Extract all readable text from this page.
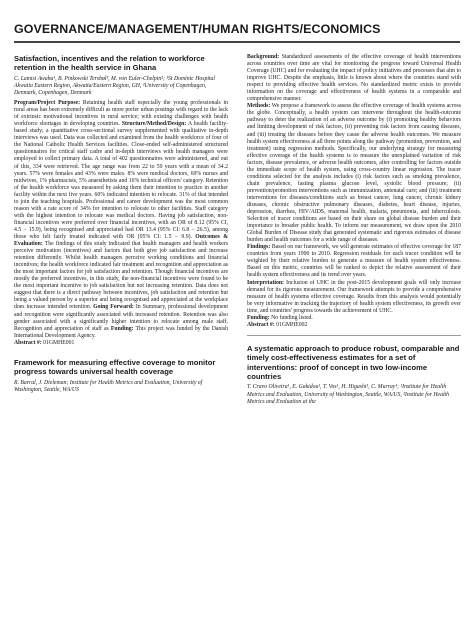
GOVERNANCE/MANAGEMENT/HUMAN RIGHTS/ECONOMICS
Satisfaction, incentives and the relation to workforce retention in the health service in Ghana
C. Lamisi Awaba¹, B. Pinkowski Tersbøl², M. von Euler-Chelpin²; ¹St Dominic Hospital Akwatia Eastern Region, Akwatia/Eastern Region, GH, ²University of Copenhagen, Denmark, Copenhagen, Denmark

Program/Project Purpose: Retaining health staff especially the young professionals in rural areas has been extremely difficult as more prefer urban postings with regard to the lack of extrinsic motivational incentives in rural service; with existing challenges with health workforce shortages in developing countries. Structure/Method/Design: A health facility-based study; a quantitative cross-sectional survey supplemented with qualitative in-depth interviews was used. Data was collected and examined from the health workforce of four of the National Catholic Health Services facilities. Close-ended self-administered structured questionnaires for critical staff cadre and in-depth interviews with health managers were employed to collect primary data. A total of 402 questionnaires were administered, and out of this, 334 were retrieved. The age range was from 22 to 59 years with a mean of 34.2 years. 57% were females and 43% were males. 8% were medical doctors, 69% nurses and midwives, 1% pharmacists, 5% anaesthetists and 16% technical officers' category. Retention of the health workforce was measured by asking them their intention to practice in another facility within the next five years. 60% indicated intention to relocate. 31% of that intended to join the teaching hospitals. Professional and career development was the most common reason with a rate score of 34% for intention to relocate to other facilities. Staff category with the highest intention to relocate was medical doctors. Having job satisfaction, non-financial incentives were preferred over financial incentives, with an OR of 8.12 (95% CI, 4.5 − 15.9), being recognised and appreciated had OR 13.4 (95% CI: 6.8 − 26.5), among those who felt fairly treated indicated with OR (95% CI: 1.5 − 9.9). Outcomes & Evaluation: The findings of this study indicated that health managers and health workers perceive motivation (incentives) and factors that both give job satisfaction and increase retention differently. Whilst health managers perceive working conditions and financial incentives; the health workforce indicated fair treatment and recognition and appreciation as the most important factors for job satisfaction and retention. Though financial incentives are mostly the preferred incentives, in this study, the non-financial incentives were found to be the most important incentive to job satisfaction but not increasing retention. Data does not suggest that there is a direct pathway between incentives, job satisfaction and retention but being a valued person by a superior and being recognised and appreciated at the workplace does increase intended retention. Going Forward: In Summary, professional development and recognition were significantly associated with increased retention. Retention was also gender associated with a significantly higher intention to relocate among male staff. Recognition and appreciation of staff as Funding: This project was funded by the Danish International Development Agency.
Abstract #: 01GMHE001

Framework for measuring effective coverage to monitor progress towards universal health coverage
R. Barral, J. Dieleman; Institute for Health Metrics and Evaluation, University of Washington, Seattle, WA/US

Background: Standardized assessments of the effective coverage of health interventions across countries over time are vital for monitoring the progress toward Universal Health Coverage (UHC) and for evaluating the impact of policy initiatives and processes that aim to improve UHC. Despite the emphasis, little is known about where the countries stand with respect to providing effective health services. No standardized metric exists to provide information on the coverage and effectiveness of health systems in a comparable and comprehensive manner.
Methods: We propose a framework to assess the effective coverage of health systems across the globe. Conceptually, a health system can intervene throughout the health-outcome pathway to deter the realization of an adverse outcome by (i) promoting healthy behaviors and limiting development of risk factors, (ii) preventing risk factors from causing diseases, and (iii) treating the diseases before they cause the adverse health outcomes. We measure health system effectiveness at all three points along the pathway (promotion, prevention, and treatment) using regression methods. Specifically, our underlying strategy for measuring effective coverage of the health systems is to measure the unexplained variation of risk factors, disease prevalence, or adverse health outcomes, after controlling for factors outside the immediate scope of health system, using cross-country linear regression. The tracer conditions selected for the analysis includes (i) risk factors such as smoking prevalence, chain prevalence, fasting plasma glucose level, systolic blood pressure; (ii) prevention/promotion interventions such as immunization, antenatal care; and (iii) treatment interventions for diseases/conditions such as breast cancer, lung cancer, chronic kidney diseases, chronic obstructive pulmonary diseases, diabetes, heart disease, injuries, depression, diarrhea, HIV/AIDS, maternal health, malaria, pneumonia, and tuberculosis. Selection of tracer conditions are based on their share on global disease burden and their importance to broader public health. To inform our measurement, we draw upon the 2010 Global Burden of Disease study that generated systematic and rigorous estimates of disease burden and health outcomes for a wide range of diseases.
Findings: Based on our framework, we will generate estimates of effective coverage for 187 countries from years 1990 to 2010. Regression residuals for each tracer condition will be weighted by their relative burden to generate a measure of health system effectiveness. Based on this metric, countries will be ranked to depict the relative assessment of their health system effectiveness and its trend over years.
Interpretation: Inclusion of UHC in the post-2015 development goals will only increase demand for its rigorous measurement. Our framework attempts to provide a comprehensive measure of health systems effective coverage. Results from this analysis would potentially be very informative in tracking the trajectory of health system effectiveness, its growth over time, and countries' progress towards the achievement of UHC.
Funding: No funding listed.
Abstract #: 01GMHE002

A systematic approach to produce robust, comparable and timely cost-effectiveness estimates for a set of interventions: proof of concept in two low-income countries
T. Cravo Oliveira¹, E. Gakidou¹, T. Vos¹, H. Higashi¹, C. Murray¹; ¹Institute for Health Metrics and Evaluation, University of Washington, Seattle, WA/US, ²Institute for Health Metrics and Evaluation at the
